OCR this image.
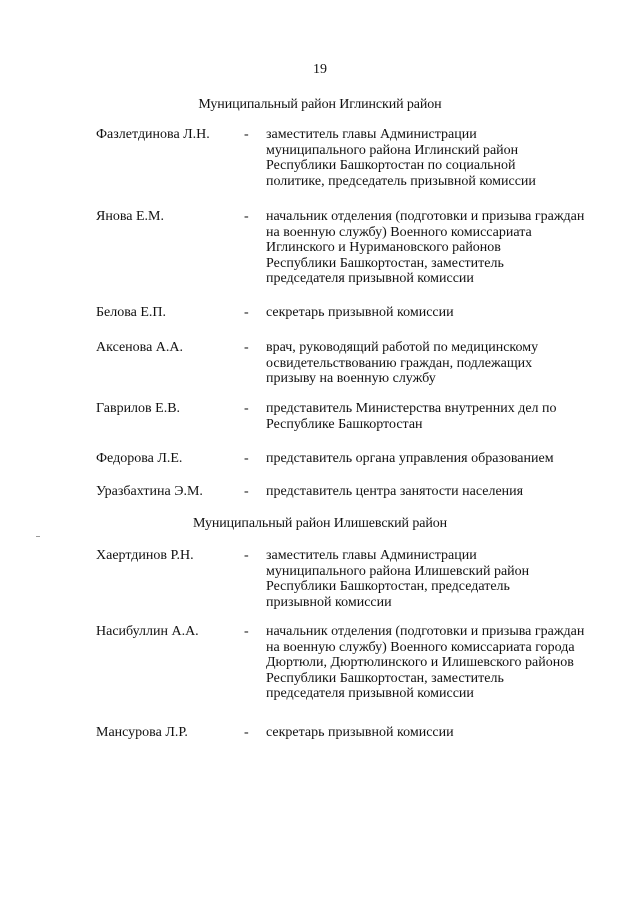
19
Муниципальный район Иглинский район
Фазлетдинова Л.Н. - заместитель главы Администрации
муниципального района Иглинский район
Республики Башкортостан по социальной
политике, председатель призывной комиссии
Янова Е.М.	- начальник отделения (подготовки и призыва граждан
на военную службу) Военного комиссариата
Иглинского и Нуримановского районов
Республики Башкортостан, заместитель
председателя призывной комиссии
Белова Е.П.	- секретарь призывной комиссии
Аксенова А.А.	- врач, руководящий работой по медицинскому
освидетельствованию граждан, подлежащих
призыву на военную службу
Гаврилов Е.В.	- представитель Министерства внутренних дел по
Республике Башкортостан
Федорова Л.Е.	- представитель органа управления образованием
Уразбахтина Э.М.	- представитель центра занятости населения
Муниципальный район Илишевский район
Хаертдинов Р.Н.	- заместитель главы Администрации
муниципального района Илишевский район
Республики Башкортостан, председатель
призывной комиссии
Насибуллин А.А.	- начальник отделения (подготовки и призыва граждан
на военную службу) Военного комиссариата города
Дюртюли, Дюртюлинского и Илишевского районов
Республики Башкортостан, заместитель
председателя призывной комиссии
Мансурова Л.Р.	- секретарь призывной комиссии
